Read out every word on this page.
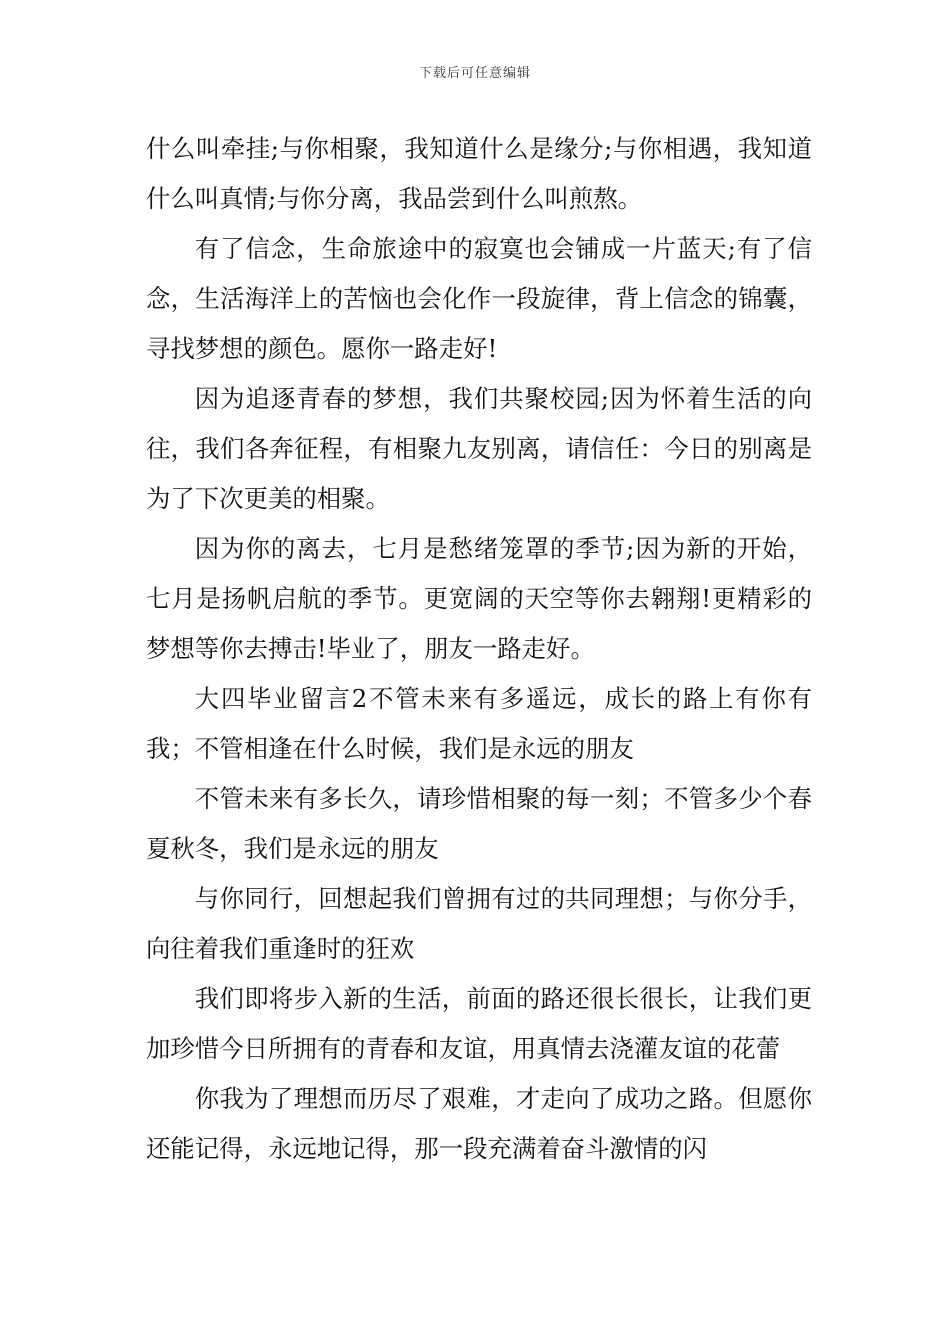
下载后可任意编辑

什么叫牵挂;与你相聚，我知道什么是缘分;与你相遇，我知道什么叫真情;与你分离，我品尝到什么叫煎熬。

有了信念，生命旅途中的寂寞也会铺成一片蓝天;有了信念，生活海洋上的苦恼也会化作一段旋律，背上信念的锦囊，寻找梦想的颜色。愿你一路走好!

因为追逐青春的梦想，我们共聚校园;因为怀着生活的向往，我们各奔征程，有相聚九友别离，请信任：今日的别离是为了下次更美的相聚。

因为你的离去，七月是愁绪笼罩的季节;因为新的开始，七月是扬帆启航的季节。更宽阔的天空等你去翱翔!更精彩的梦想等你去搏击!毕业了，朋友一路走好。

大四毕业留言2不管未来有多遥远，成长的路上有你有我；不管相逢在什么时候，我们是永远的朋友

不管未来有多长久，请珍惜相聚的每一刻；不管多少个春夏秋冬，我们是永远的朋友

与你同行，回想起我们曾拥有过的共同理想；与你分手，向往着我们重逢时的狂欢

我们即将步入新的生活，前面的路还很长很长，让我们更加珍惜今日所拥有的青春和友谊，用真情去浇灌友谊的花蕾

你我为了理想而历尽了艰难，才走向了成功之路。但愿你还能记得，永远地记得，那一段充满着奋斗激情的闪
